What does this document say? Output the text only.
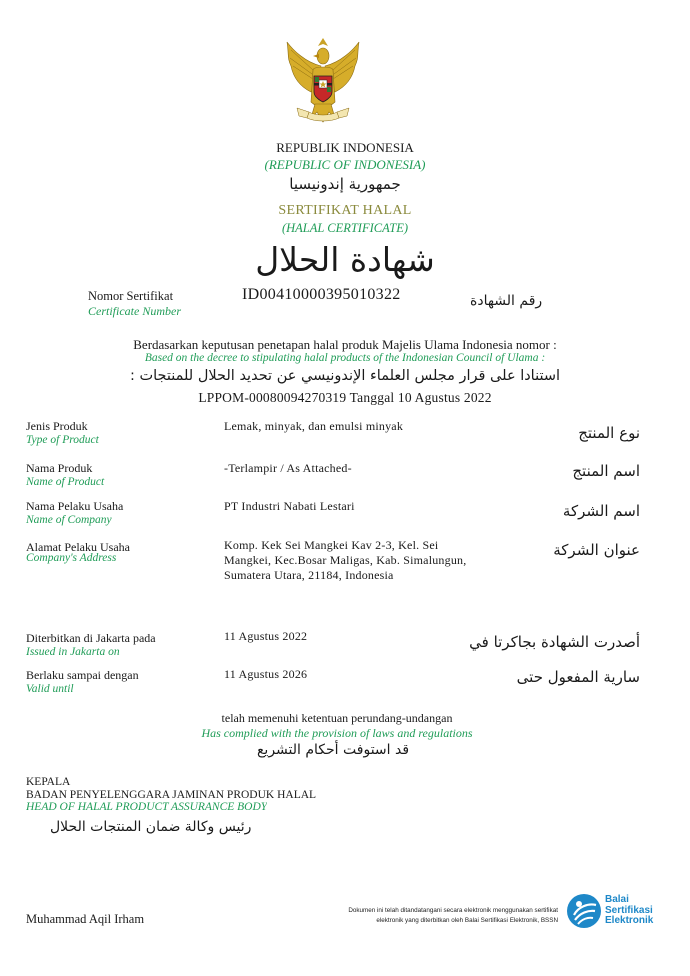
REPUBLIK INDONESIA
(REPUBLIC OF INDONESIA)
جمهورية إندونيسيا
SERTIFIKAT HALAL
(HALAL CERTIFICATE)
شهادة الحلال
Nomor Sertifikat
Certificate Number
ID00410000395010322	رقم الشهادة
Berdasarkan keputusan penetapan halal produk Majelis Ulama Indonesia nomor :
Based on the decree to stipulating halal products of the Indonesian Council of Ulama :
استنادا على قرار مجلس العلماء الإندونيسي عن تحديد الحلال للمنتجات :
LPPOM-00080094270319 Tanggal 10 Agustus 2022
Jenis Produk
Type of Product
Lemak, minyak, dan emulsi minyak	نوع المنتج
Nama Produk
Name of Product
-Terlampir / As Attached-	اسم المنتج
Nama Pelaku Usaha
Name of Company
PT Industri Nabati Lestari	اسم الشركة
Alamat Pelaku Usaha
Company's Address
Komp. Kek Sei Mangkei Kav 2-3, Kel. Sei
Mangkei, Kec.Bosar Maligas, Kab. Simalungun,
Sumatera Utara, 21184, Indonesia
عنوان الشركة
Diterbitkan di Jakarta pada
Issued in Jakarta on
11 Agustus 2022	أصدرت الشهادة بجاكرتا في
Berlaku sampai dengan
Valid until
11 Agustus 2026	سارية المفعول حتى
telah memenuhi ketentuan perundang-undangan
Has complied with the provision of laws and regulations
قد استوفت أحكام التشريع
KEPALA
BADAN PENYELENGGARA JAMINAN PRODUK HALAL
HEAD OF HALAL PRODUCT ASSURANCE BODY
رئيس وكالة ضمان المنتجات الحلال
Muhammad Aqil Irham
Dokumen ini telah ditandatangani secara elektronik menggunakan sertifikat
elektronik yang diterbitkan oleh Balai Sertifikasi Elektronik, BSSN
Balai
Sertifikasi
Elektronik
